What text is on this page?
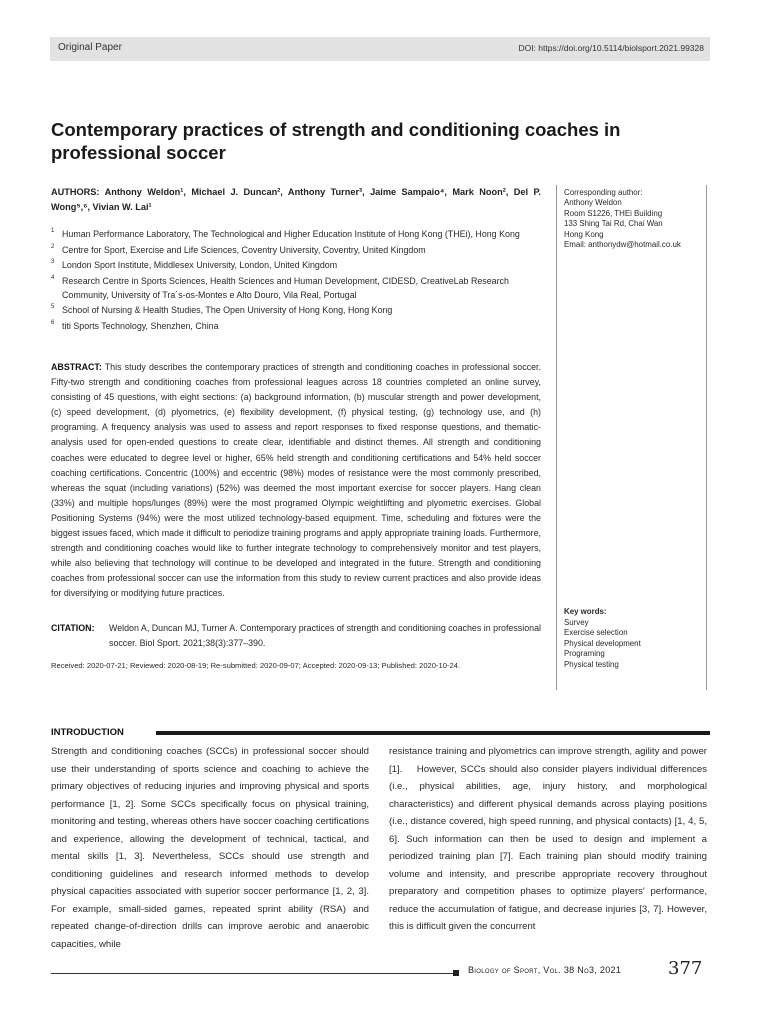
Original Paper	DOI: https://doi.org/10.5114/biolsport.2021.99328
Contemporary practices of strength and conditioning coaches in professional soccer
AUTHORS: Anthony Weldon¹, Michael J. Duncan², Anthony Turner³, Jaime Sampaio⁴, Mark Noon², Del P. Wong⁵,⁶, Vivian W. Lai¹
1 Human Performance Laboratory, The Technological and Higher Education Institute of Hong Kong (THEi), Hong Kong
2 Centre for Sport, Exercise and Life Sciences, Coventry University, Coventry, United Kingdom
3 London Sport Institute, Middlesex University, London, United Kingdom
4 Research Centre in Sports Sciences, Health Sciences and Human Development, CIDESD, CreativeLab Research Community, University of Tra´s-os-Montes e Alto Douro, Vila Real, Portugal
5 School of Nursing & Health Studies, The Open University of Hong Kong, Hong Kong
6 titi Sports Technology, Shenzhen, China
ABSTRACT: This study describes the contemporary practices of strength and conditioning coaches in professional soccer. Fifty-two strength and conditioning coaches from professional leagues across 18 countries completed an online survey, consisting of 45 questions, with eight sections: (a) background information, (b) muscular strength and power development, (c) speed development, (d) plyometrics, (e) flexibility development, (f) physical testing, (g) technology use, and (h) programing. A frequency analysis was used to assess and report responses to fixed response questions, and thematic-analysis used for open-ended questions to create clear, identifiable and distinct themes. All strength and conditioning coaches were educated to degree level or higher, 65% held strength and conditioning certifications and 54% held soccer coaching certifications. Concentric (100%) and eccentric (98%) modes of resistance were the most commonly prescribed, whereas the squat (including variations) (52%) was deemed the most important exercise for soccer players. Hang clean (33%) and multiple hops/lunges (89%) were the most programed Olympic weightlifting and plyometric exercises. Global Positioning Systems (94%) were the most utilized technology-based equipment. Time, scheduling and fixtures were the biggest issues faced, which made it difficult to periodize training programs and apply appropriate training loads. Furthermore, strength and conditioning coaches would like to further integrate technology to comprehensively monitor and test players, while also believing that technology will continue to be developed and integrated in the future. Strength and conditioning coaches from professional soccer can use the information from this study to review current practices and also provide ideas for diversifying or modifying future practices.
CITATION:	Weldon A, Duncan MJ, Turner A. Contemporary practices of strength and conditioning coaches in professional soccer. Biol Sport. 2021;38(3):377–390.
Received: 2020-07-21; Reviewed: 2020-08-19; Re-submitted: 2020-09-07; Accepted: 2020-09-13; Published: 2020-10-24.
Corresponding author:
Anthony Weldon
Room S1226, THEi Building
133 Shing Tai Rd, Chai Wan
Hong Kong
Email: anthonydw@hotmail.co.uk
Key words:
Survey
Exercise selection
Physical development
Programing
Physical testing
INTRODUCTION
Strength and conditioning coaches (SCCs) in professional soccer should use their understanding of sports science and coaching to achieve the primary objectives of reducing injuries and improving physical and sports performance [1, 2]. Some SCCs specifically focus on physical training, monitoring and testing, whereas others have soccer coaching certifications and experience, allowing the development of technical, tactical, and mental skills [1, 3]. Nevertheless, SCCs should use strength and conditioning guidelines and research informed methods to develop physical capacities associated with superior soccer performance [1, 2, 3]. For example, small-sided games, repeated sprint ability (RSA) and repeated change-of-direction drills can improve aerobic and anaerobic capacities, while
resistance training and plyometrics can improve strength, agility and power [1].    However, SCCs should also consider players individual differences (i.e., physical abilities, age, injury history, and morphological characteristics) and different physical demands across playing positions (i.e., distance covered, high speed running, and physical contacts) [1, 4, 5, 6]. Such information can then be used to design and implement a periodized training plan [7]. Each training plan should modify training volume and intensity, and prescribe appropriate recovery throughout preparatory and competition phases to optimize players' performance, reduce the accumulation of fatigue, and decrease injuries [3, 7]. However, this is difficult given the concurrent
Biology of Sport, Vol. 38 No3, 2021	377
